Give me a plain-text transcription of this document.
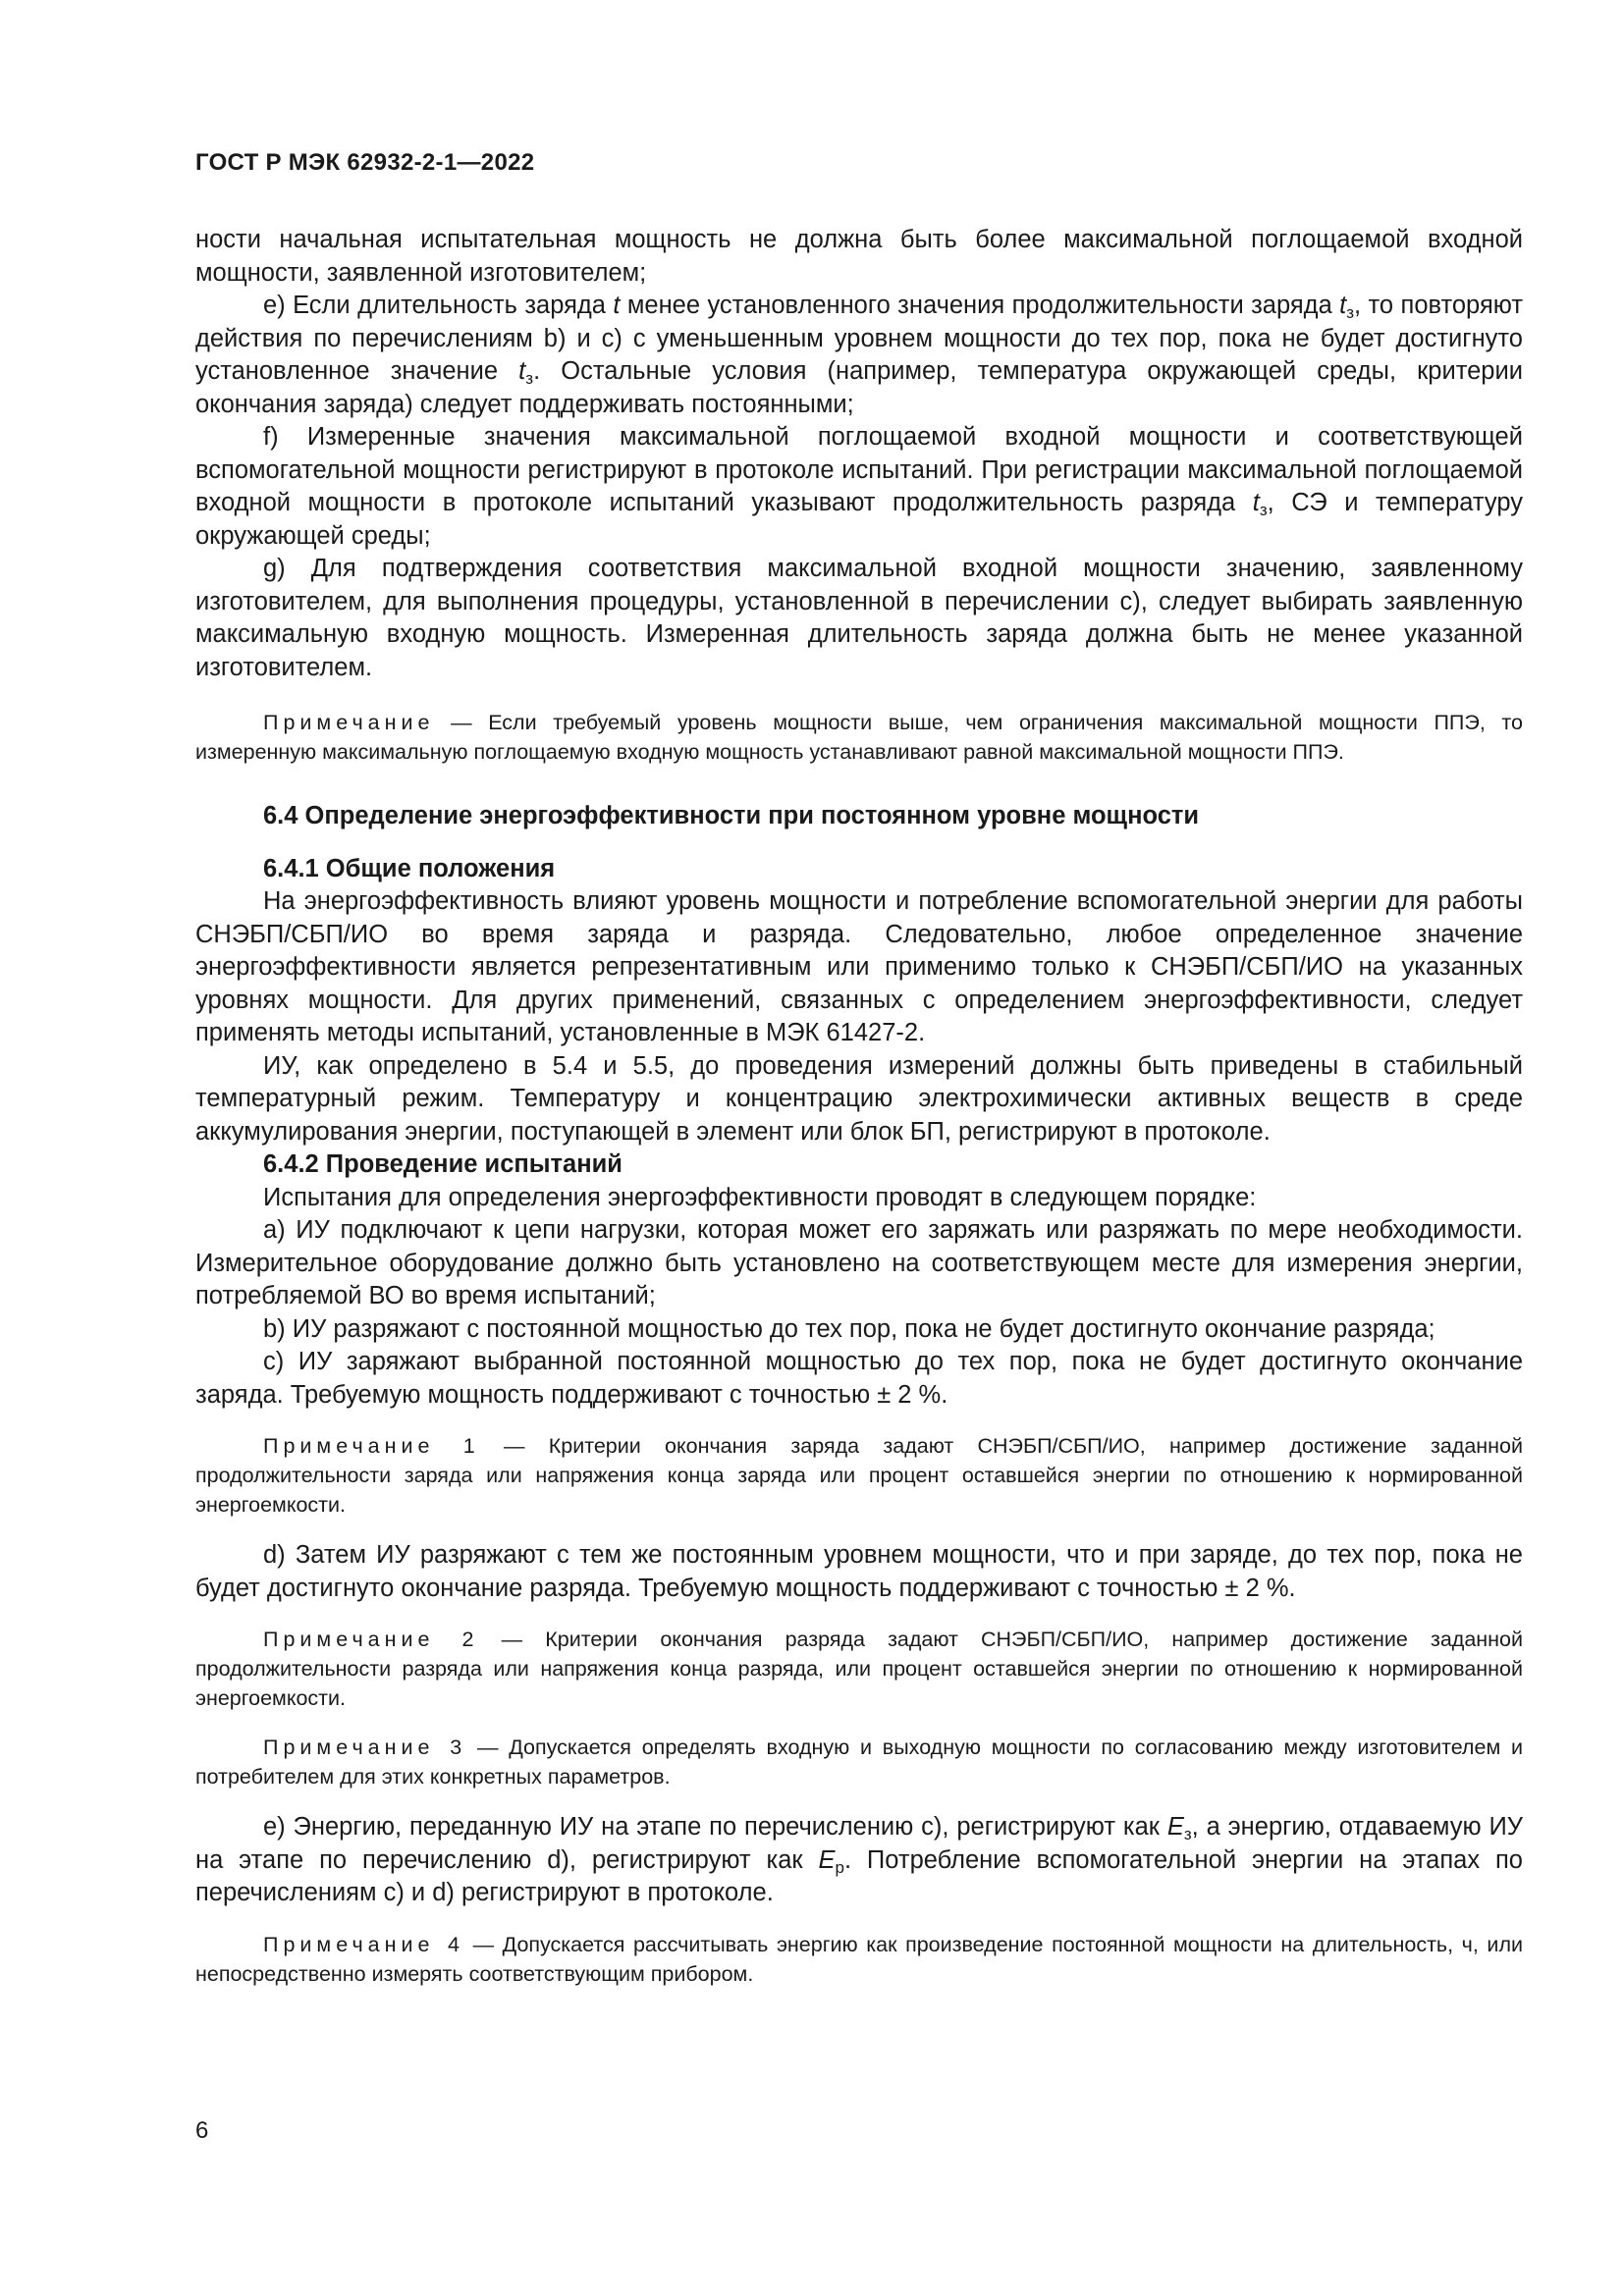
ГОСТ Р МЭК 62932-2-1—2022

ности начальная испытательная мощность не должна быть более максимальной поглощаемой входной мощности, заявленной изготовителем;

e) Если длительность заряда t менее установленного значения продолжительности заряда $t_з$, то повторяют действия по перечислениям b) и c) с уменьшенным уровнем мощности до тех пор, пока не будет достигнуто установленное значение $t_з$. Остальные условия (например, температура окружающей среды, критерии окончания заряда) следует поддерживать постоянными;

f) Измеренные значения максимальной поглощаемой входной мощности и соответствующей вспомогательной мощности регистрируют в протоколе испытаний. При регистрации максимальной поглощаемой входной мощности в протоколе испытаний указывают продолжительность разряда $t_з$, СЭ и температуру окружающей среды;

g) Для подтверждения соответствия максимальной входной мощности значению, заявленному изготовителем, для выполнения процедуры, установленной в перечислении c), следует выбирать заявленную максимальную входную мощность. Измеренная длительность заряда должна быть не менее указанной изготовителем.

Примечание — Если требуемый уровень мощности выше, чем ограничения максимальной мощности ППЭ, то измеренную максимальную поглощаемую входную мощность устанавливают равной максимальной мощности ППЭ.

6.4 Определение энергоэффективности при постоянном уровне мощности
6.4.1 Общие положения

На энергоэффективность влияют уровень мощности и потребление вспомогательной энергии для работы СНЭБП/СБП/ИО во время заряда и разряда. Следовательно, любое определенное значение энергоэффективности является репрезентативным или применимо только к СНЭБП/СБП/ИО на указанных уровнях мощности. Для других применений, связанных с определением энергоэффективности, следует применять методы испытаний, установленные в МЭК 61427-2.

ИУ, как определено в 5.4 и 5.5, до проведения измерений должны быть приведены в стабильный температурный режим. Температуру и концентрацию электрохимически активных веществ в среде аккумулирования энергии, поступающей в элемент или блок БП, регистрируют в протоколе.

6.4.2 Проведение испытаний

Испытания для определения энергоэффективности проводят в следующем порядке:

a) ИУ подключают к цепи нагрузки, которая может его заряжать или разряжать по мере необходимости. Измерительное оборудование должно быть установлено на соответствующем месте для измерения энергии, потребляемой ВО во время испытаний;

b) ИУ разряжают с постоянной мощностью до тех пор, пока не будет достигнуто окончание разряда;

c) ИУ заряжают выбранной постоянной мощностью до тех пор, пока не будет достигнуто окончание заряда. Требуемую мощность поддерживают с точностью ± 2 %.

Примечание 1 — Критерии окончания заряда задают СНЭБП/СБП/ИО, например достижение заданной продолжительности заряда или напряжения конца заряда или процент оставшейся энергии по отношению к нормированной энергоемкости.

d) Затем ИУ разряжают с тем же постоянным уровнем мощности, что и при заряде, до тех пор, пока не будет достигнуто окончание разряда. Требуемую мощность поддерживают с точностью ± 2 %.

Примечание 2 — Критерии окончания разряда задают СНЭБП/СБП/ИО, например достижение заданной продолжительности разряда или напряжения конца разряда, или процент оставшейся энергии по отношению к нормированной энергоемкости.

Примечание 3 — Допускается определять входную и выходную мощности по согласованию между изготовителем и потребителем для этих конкретных параметров.

e) Энергию, переданную ИУ на этапе по перечислению c), регистрируют как $E_з$, а энергию, отдаваемую ИУ на этапе по перечислению d), регистрируют как $E_р$. Потребление вспомогательной энергии на этапах по перечислениям c) и d) регистрируют в протоколе.

Примечание 4 — Допускается рассчитывать энергию как произведение постоянной мощности на длительность, ч, или непосредственно измерять соответствующим прибором.

6
